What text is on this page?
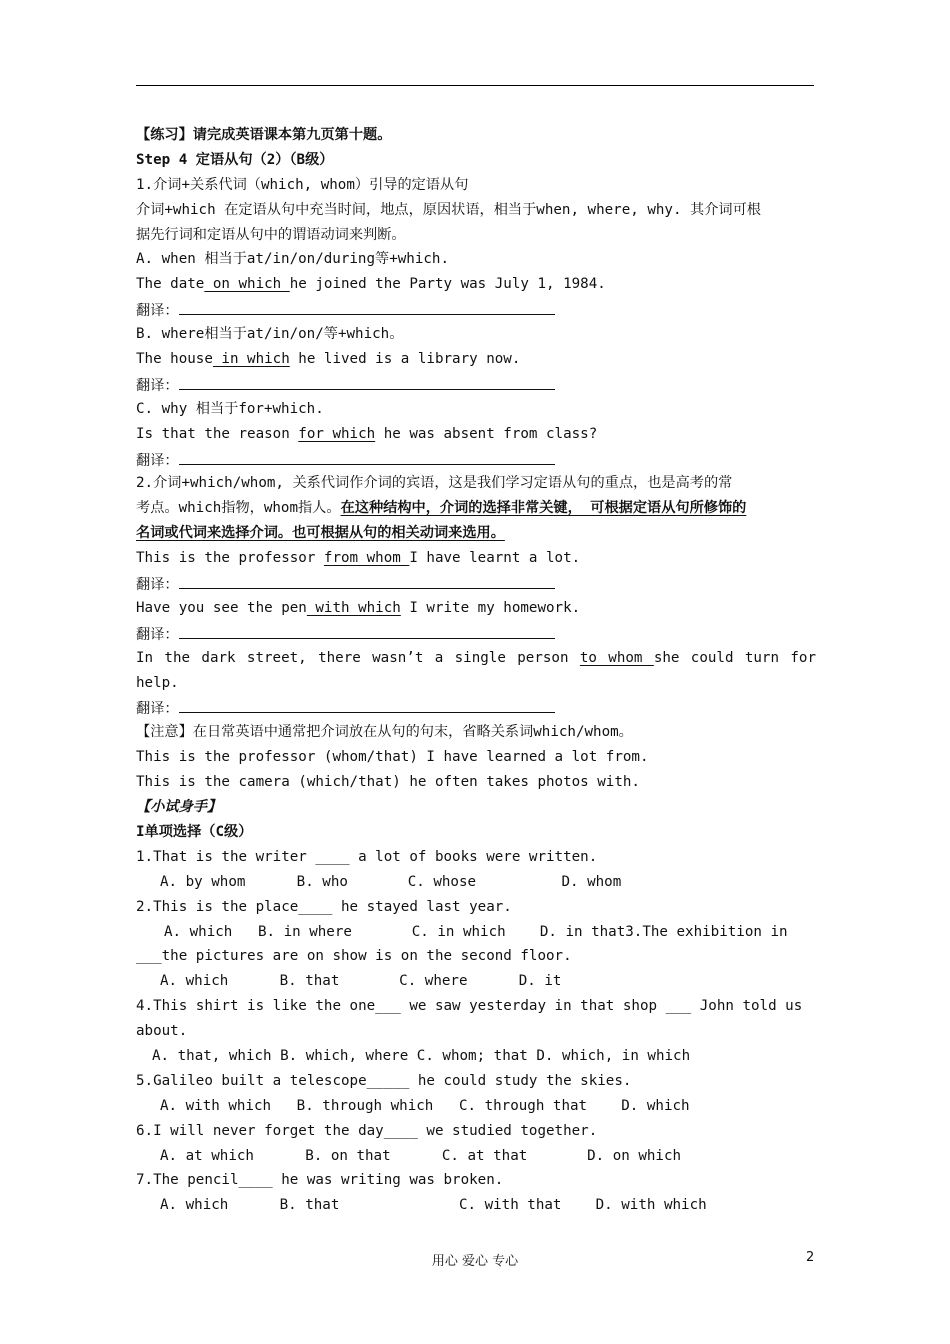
【练习】请完成英语课本第九页第十题。
Step 4 定语从句（2）（B级）
1.介词+关系代词（which, whom）引导的定语从句
介词+which 在定语从句中充当时间，地点，原因状语，相当于when, where, why. 其介词可根
据先行词和定语从句中的谓语动词来判断。
A. when 相当于at/in/on/during等+which.
The date on which he joined the Party was July 1, 1984.
翻译：
B. where相当于at/in/on/等+which。
The house in which he lived is a library now.
翻译：
C. why 相当于for+which.
Is that the reason for which he was absent from class?
翻译：
2.介词+which/whom, 关系代词作介词的宾语，这是我们学习定语从句的重点，也是高考的常
考点。which指物，whom指人。在这种结构中，介词的选择非常关键， 可根据定语从句所修饰的
名词或代词来选择介词。也可根据从句的相关动词来选用。
This is the professor from whom I have learnt a lot.
翻译：
Have you see the pen with which I write my homework.
翻译：
In the dark street, there wasn’t a single person to whom she could turn for
help.
翻译：
【注意】在日常英语中通常把介词放在从句的句末，省略关系词which/whom。
This is the professor (whom/that) I have learned a lot from.
This is the camera (which/that) he often takes photos with.
【小试身手】
I单项选择（C级）
1.That is the writer ____ a lot of books were written.
A. by whom      B. who       C. whose          D. whom
2.This is the place____ he stayed last year.
A. which   B. in where       C. in which    D. in that3.The exhibition in
___the pictures are on show is on the second floor.
A. which      B. that       C. where      D. it
4.This shirt is like the one___ we saw yesterday in that shop ___ John told us
about.
A. that, which B. which, where C. whom; that D. which, in which
5.Galileo built a telescope_____ he could study the skies.
A. with which   B. through which   C. through that    D. which
6.I will never forget the day____ we studied together.
A. at which      B. on that      C. at that       D. on which
7.The pencil____ he was writing was broken.
A. which      B. that              C. with that    D. with which
用心 爱心 专心	2
